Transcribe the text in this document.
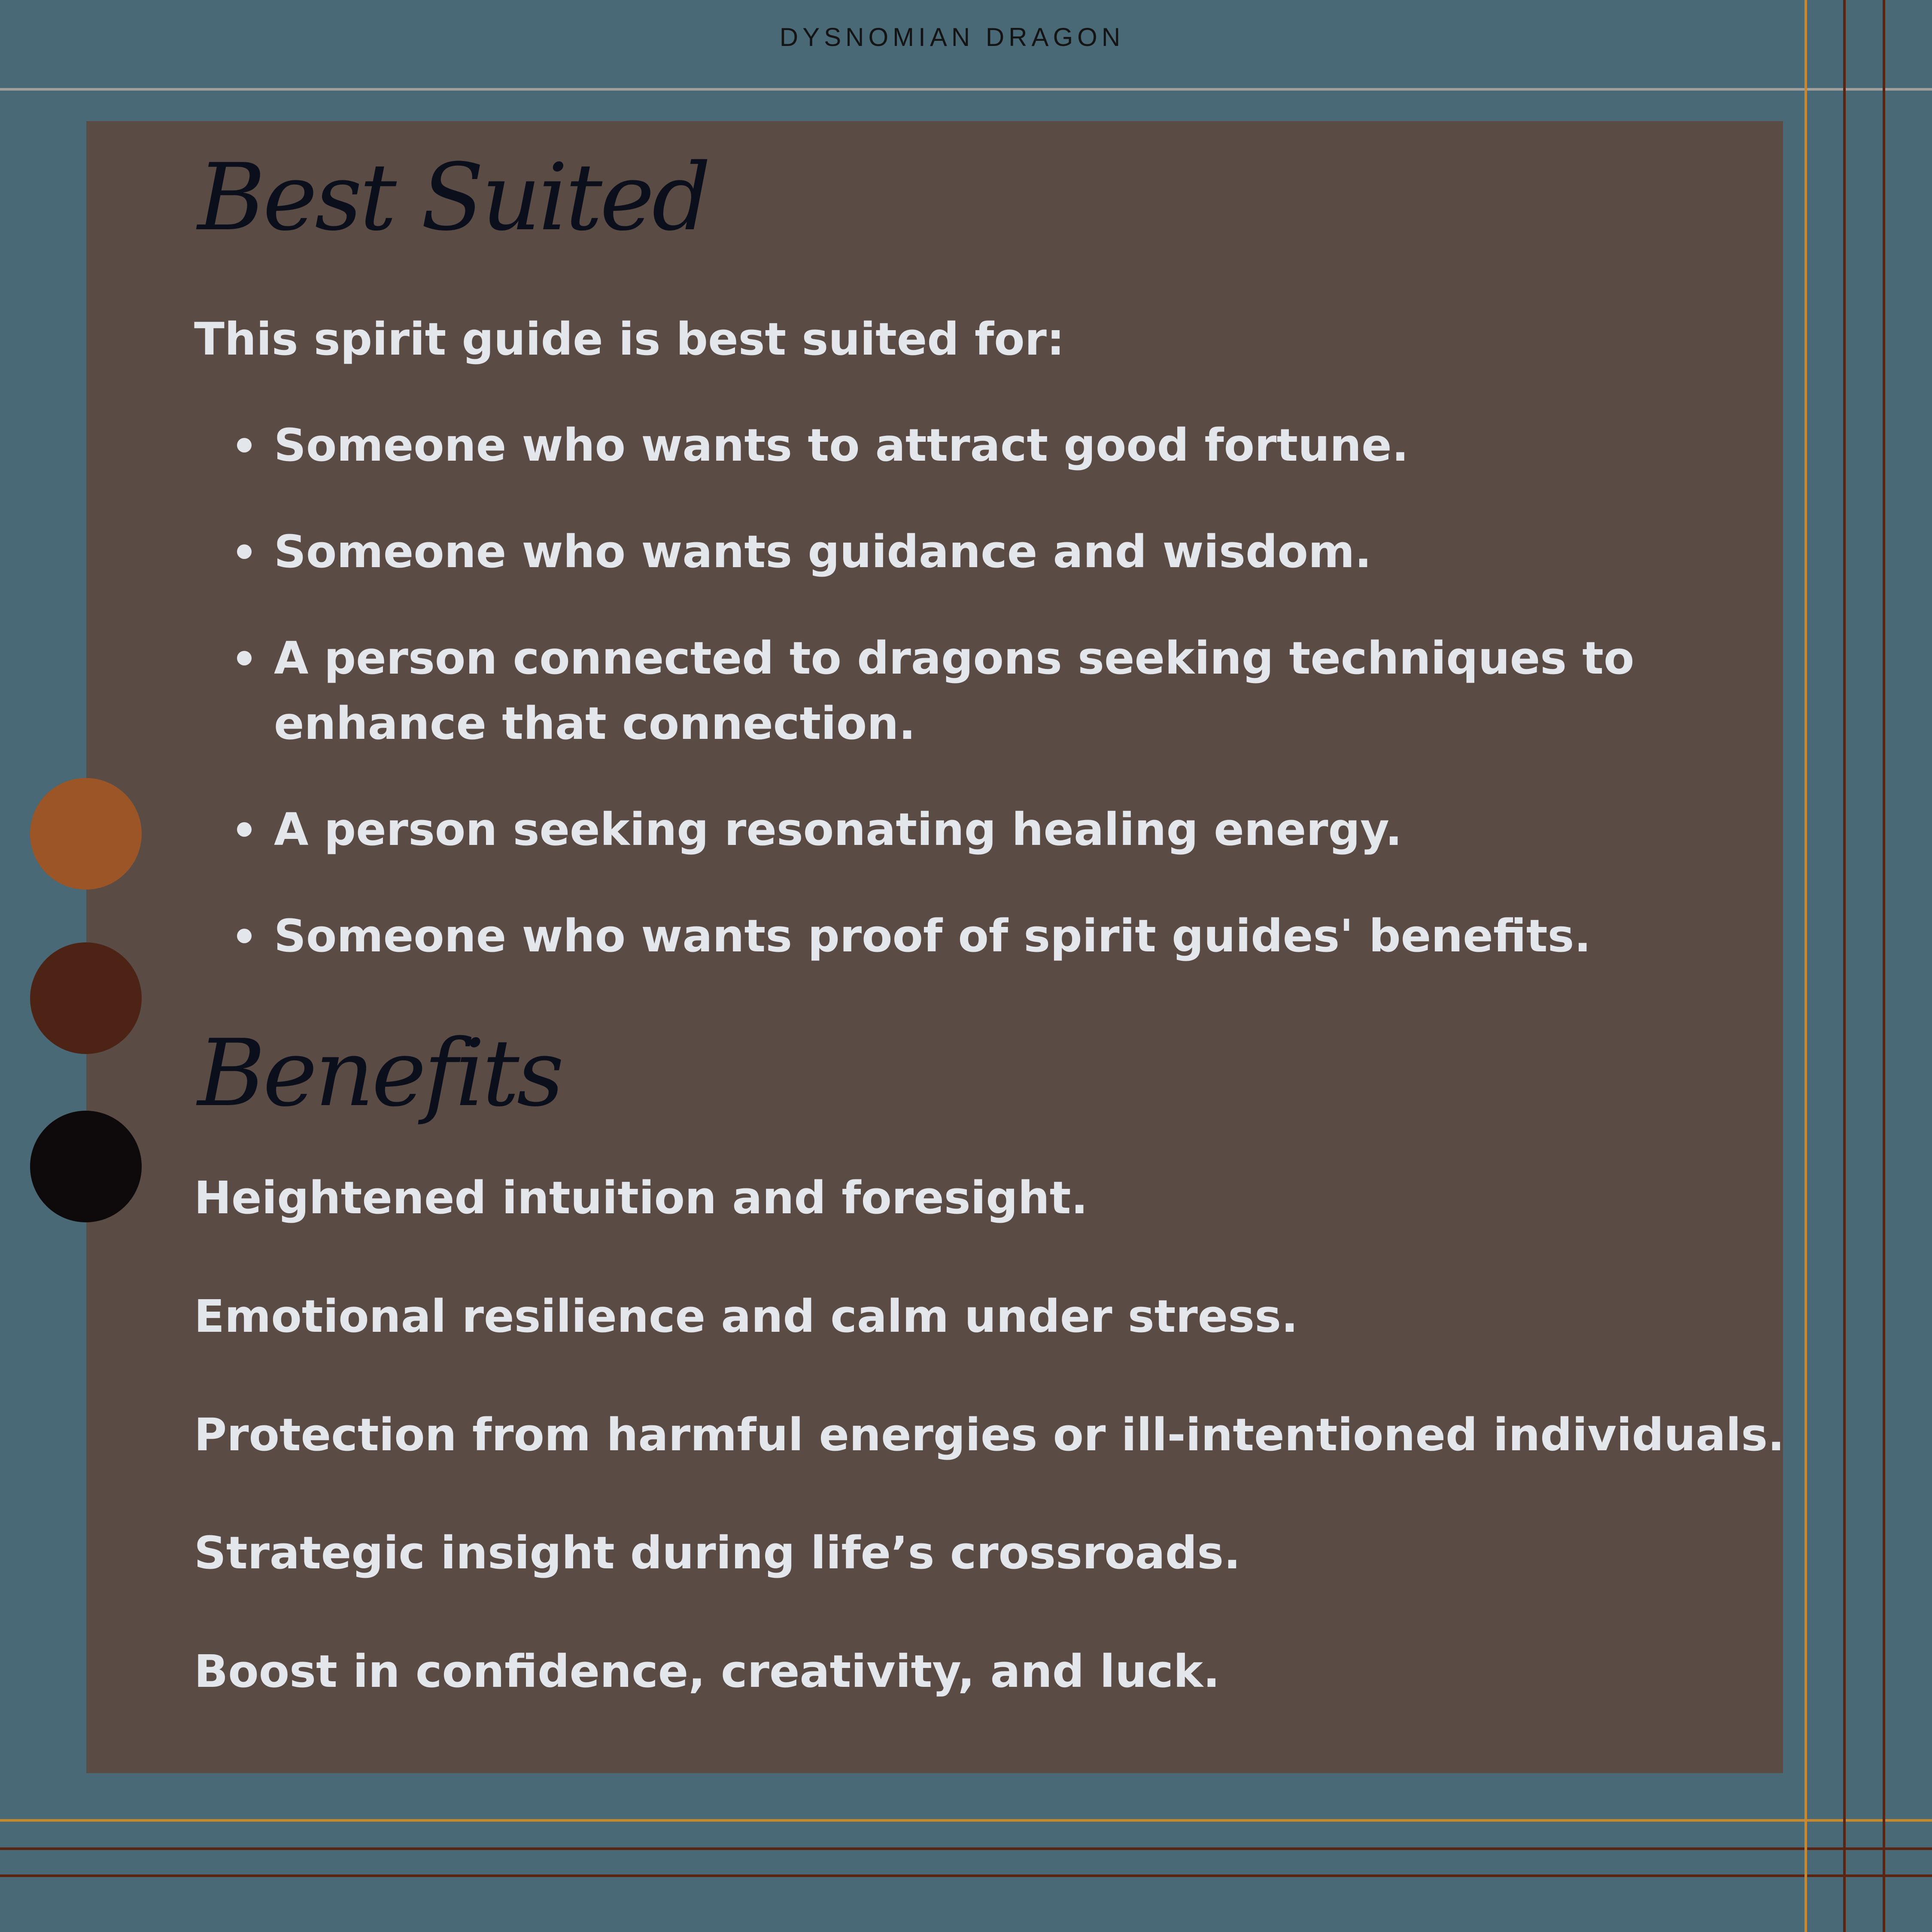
DYSNOMIAN DRAGON
Best Suited
This spirit guide is best suited for:
Someone who wants to attract good fortune.
Someone who wants guidance and wisdom.
A person connected to dragons seeking techniques to
enhance that connection.
A person seeking resonating healing energy.
Someone who wants proof of spirit guides' benefits.
Benefits
Heightened intuition and foresight.
Emotional resilience and calm under stress.
Protection from harmful energies or ill-intentioned individuals.
Strategic insight during life’s crossroads.
Boost in confidence, creativity, and luck.
